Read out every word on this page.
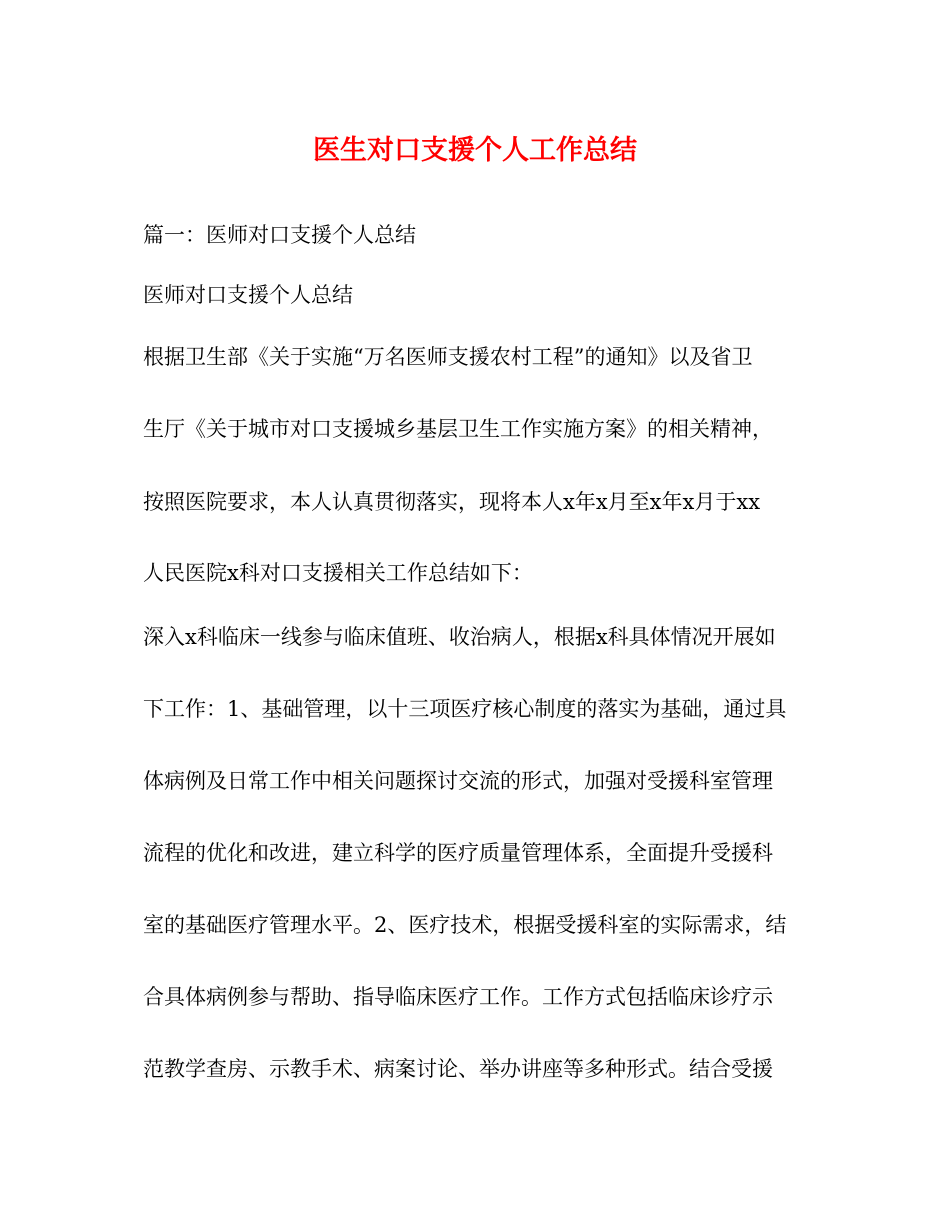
医生对口支援个人工作总结

篇一：医师对口支援个人总结

医师对口支援个人总结

根据卫生部《关于实施“万名医师支援农村工程”的通知》以及省卫

生厅《关于城市对口支援城乡基层卫生工作实施方案》的相关精神，

按照医院要求，本人认真贯彻落实，现将本人x年x月至x年x月于xx

人民医院x科对口支援相关工作总结如下：

深入x科临床一线参与临床值班、收治病人，根据x科具体情况开展如

下工作：1、基础管理，以十三项医疗核心制度的落实为基础，通过具

体病例及日常工作中相关问题探讨交流的形式，加强对受援科室管理

流程的优化和改进，建立科学的医疗质量管理体系，全面提升受援科

室的基础医疗管理水平。2、医疗技术，根据受援科室的实际需求，结

合具体病例参与帮助、指导临床医疗工作。工作方式包括临床诊疗示

范教学查房、示教手术、病案讨论、举办讲座等多种形式。结合受援
